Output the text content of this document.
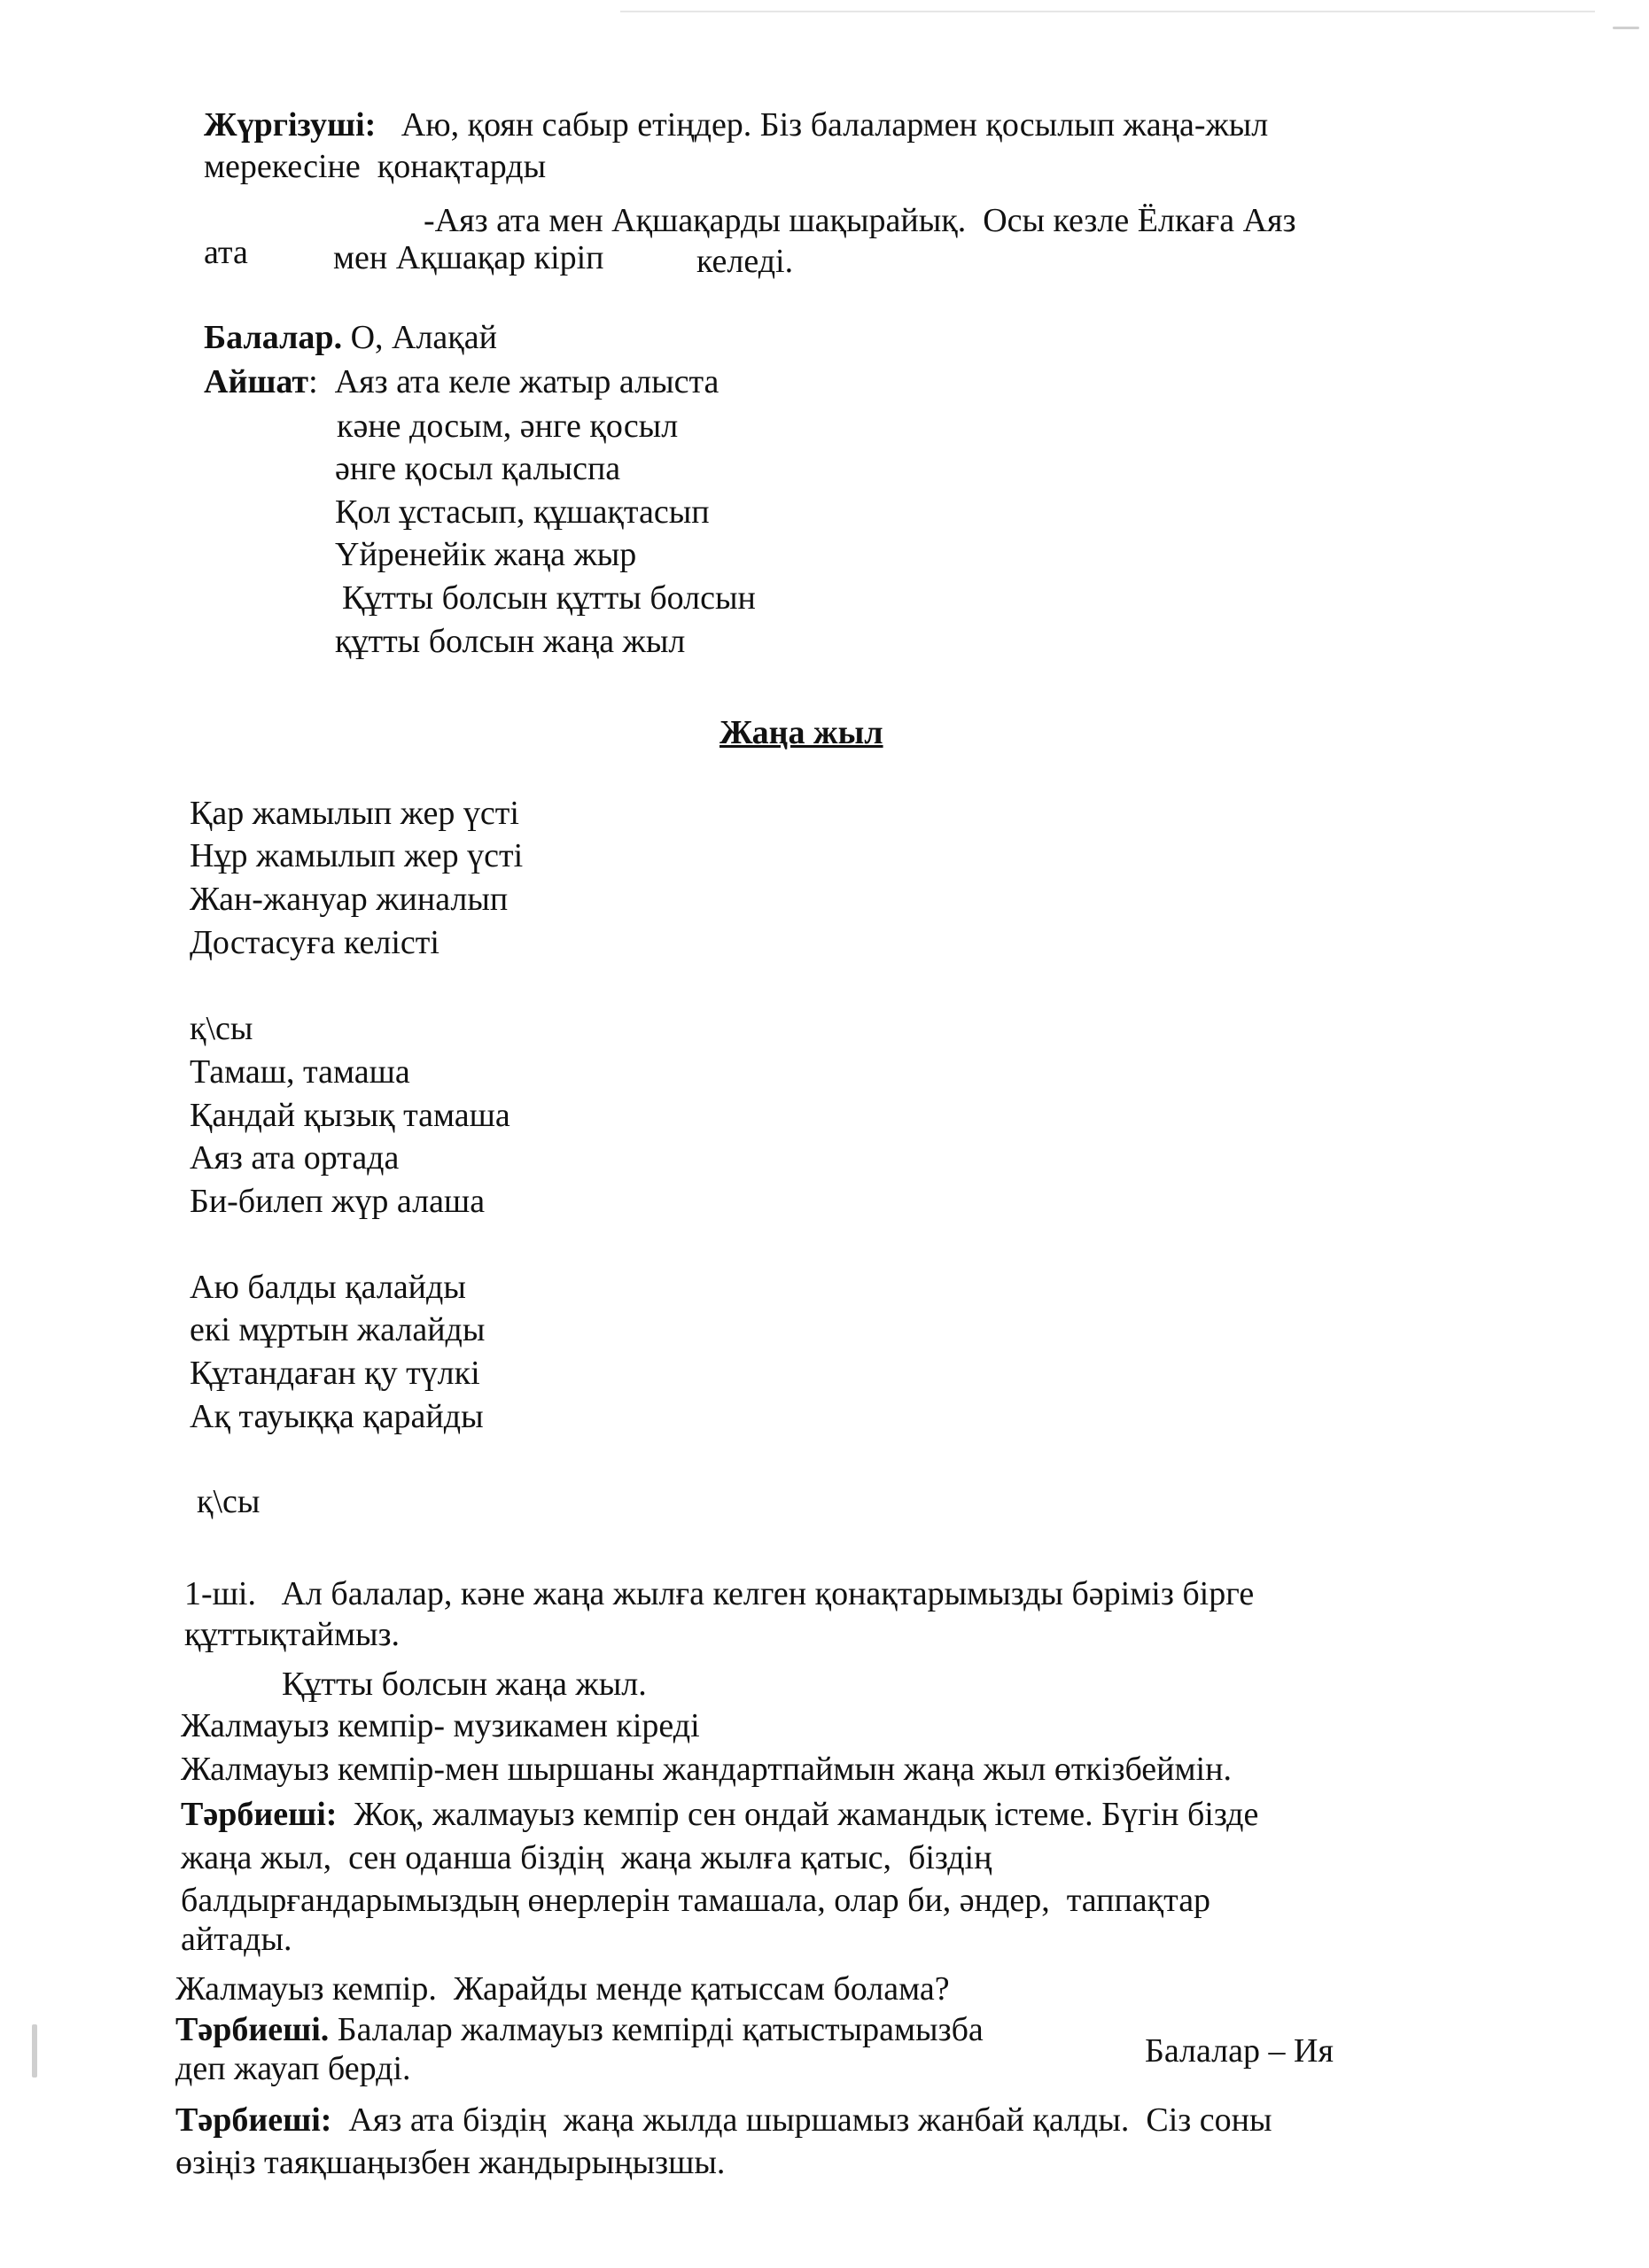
Жүргізуші: Аю, қоян сабыр етіңдер. Біз балалармен қосылып жаңа-жыл
мерекесіне  қонақтарды
-Аяз ата мен Ақшақарды шақырайық.  Осы кезле Ёлкаға Аяз
ата	мен Ақшақар кіріп	келеді.
Балалар. О, Алақай
Айшат: Аяз ата келе жатыр алыста
кәне досым, әнге қосыл
әнге қосыл қалыспа
Қол ұстасып, құшақтасып
Үйренейік жаңа жыр
Құтты болсын құтты болсын
құтты болсын жаңа жыл
Жаңа жыл
Қар жамылып жер үсті
Нұр жамылып жер үсті
Жан-жануар жиналып
Достасуға келісті
қ\сы
Тамаш, тамаша
Қандай қызық тамаша
Аяз ата ортада
Би-билеп жүр алаша
Аю балды қалайды
екі мұртын жалайды
Құтандаған қу түлкі
Ақ тауыққа қарайды
қ\сы
1-ші. Ал балалар, кәне жаңа жылға келген қонақтарымызды бәріміз бірге
құттықтаймыз.
Құтты болсын жаңа жыл.
Жалмауыз кемпір- музикамен кіреді
Жалмауыз кемпір-мен шыршаны жандартпаймын жаңа жыл өткізбеймін.
Тәрбиеші: Жоқ, жалмауыз кемпір сен ондай жамандық істеме. Бүгін бізде
жаңа жыл,  сен оданша біздің  жаңа жылға қатыс,  біздің
балдырғандарымыздың өнерлерін тамашала, олар би, әндер,  таппақтар
айтады.
Жалмауыз кемпір.  Жарайды менде қатыссам болама?
Тәрбиеші. Балалар жалмауыз кемпірді қатыстырамызба
Балалар – Ия
деп жауап берді.
Тәрбиеші: Аяз ата біздің  жаңа жылда шыршамыз жанбай қалды.  Сіз соны
өзіңіз таяқшаңызбен жандырыңызшы.
